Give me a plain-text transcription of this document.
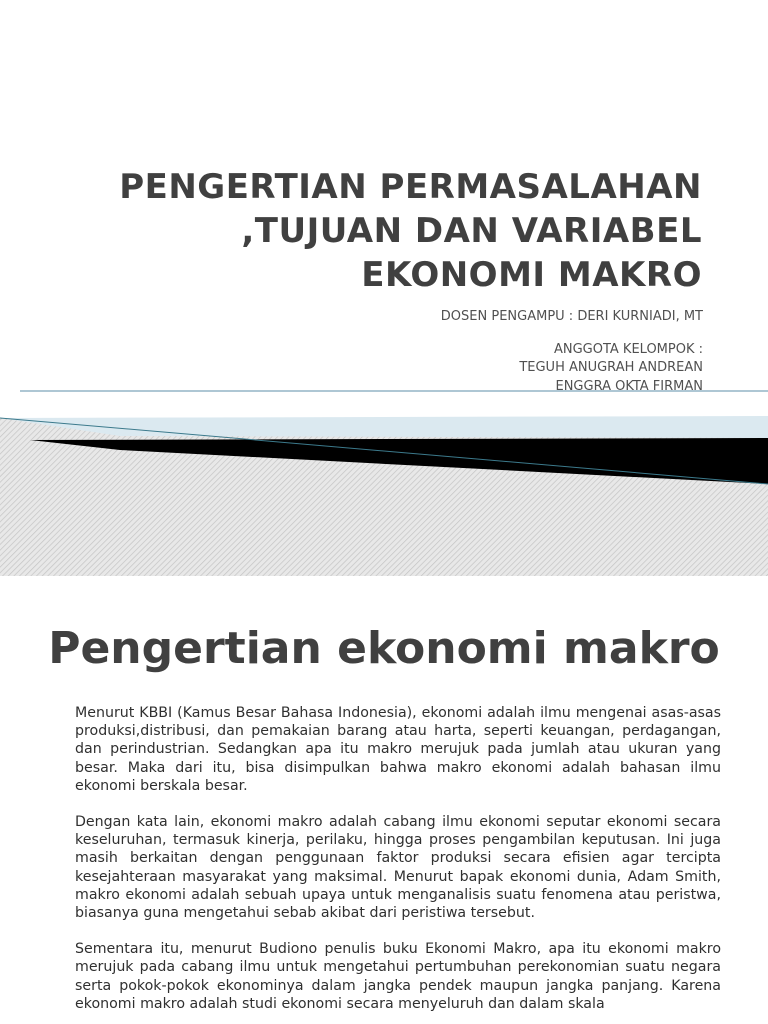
PENGERTIAN PERMASALAHAN
,TUJUAN DAN VARIABEL
EKONOMI MAKRO
DOSEN PENGAMPU : DERI KURNIADI, MT
ANGGOTA KELOMPOK :
TEGUH ANUGRAH ANDREAN
ENGGRA OKTA FIRMAN
Pengertian ekonomi makro

Menurut KBBI (Kamus Besar Bahasa Indonesia), ekonomi adalah ilmu mengenai asas-asas produksi,distribusi, dan pemakaian barang atau harta, seperti keuangan, perdagangan, dan perindustrian. Sedangkan apa itu makro merujuk pada jumlah atau ukuran yang besar. Maka dari itu, bisa disimpulkan bahwa makro ekonomi adalah bahasan ilmu ekonomi berskala besar.

Dengan kata lain, ekonomi makro adalah cabang ilmu ekonomi seputar ekonomi secara keseluruhan, termasuk kinerja, perilaku, hingga proses pengambilan keputusan. Ini juga masih berkaitan dengan penggunaan faktor produksi secara efisien agar tercipta kesejahteraan masyarakat yang maksimal. Menurut bapak ekonomi dunia, Adam Smith, makro ekonomi adalah sebuah upaya untuk menganalisis suatu fenomena atau peristwa, biasanya guna mengetahui sebab akibat dari peristiwa tersebut.

Sementara itu, menurut Budiono penulis buku Ekonomi Makro, apa itu ekonomi makro merujuk pada cabang ilmu untuk mengetahui pertumbuhan perekonomian suatu negara serta pokok-pokok ekonominya dalam jangka pendek maupun jangka panjang. Karena ekonomi makro adalah studi ekonomi secara menyeluruh dan dalam skala
